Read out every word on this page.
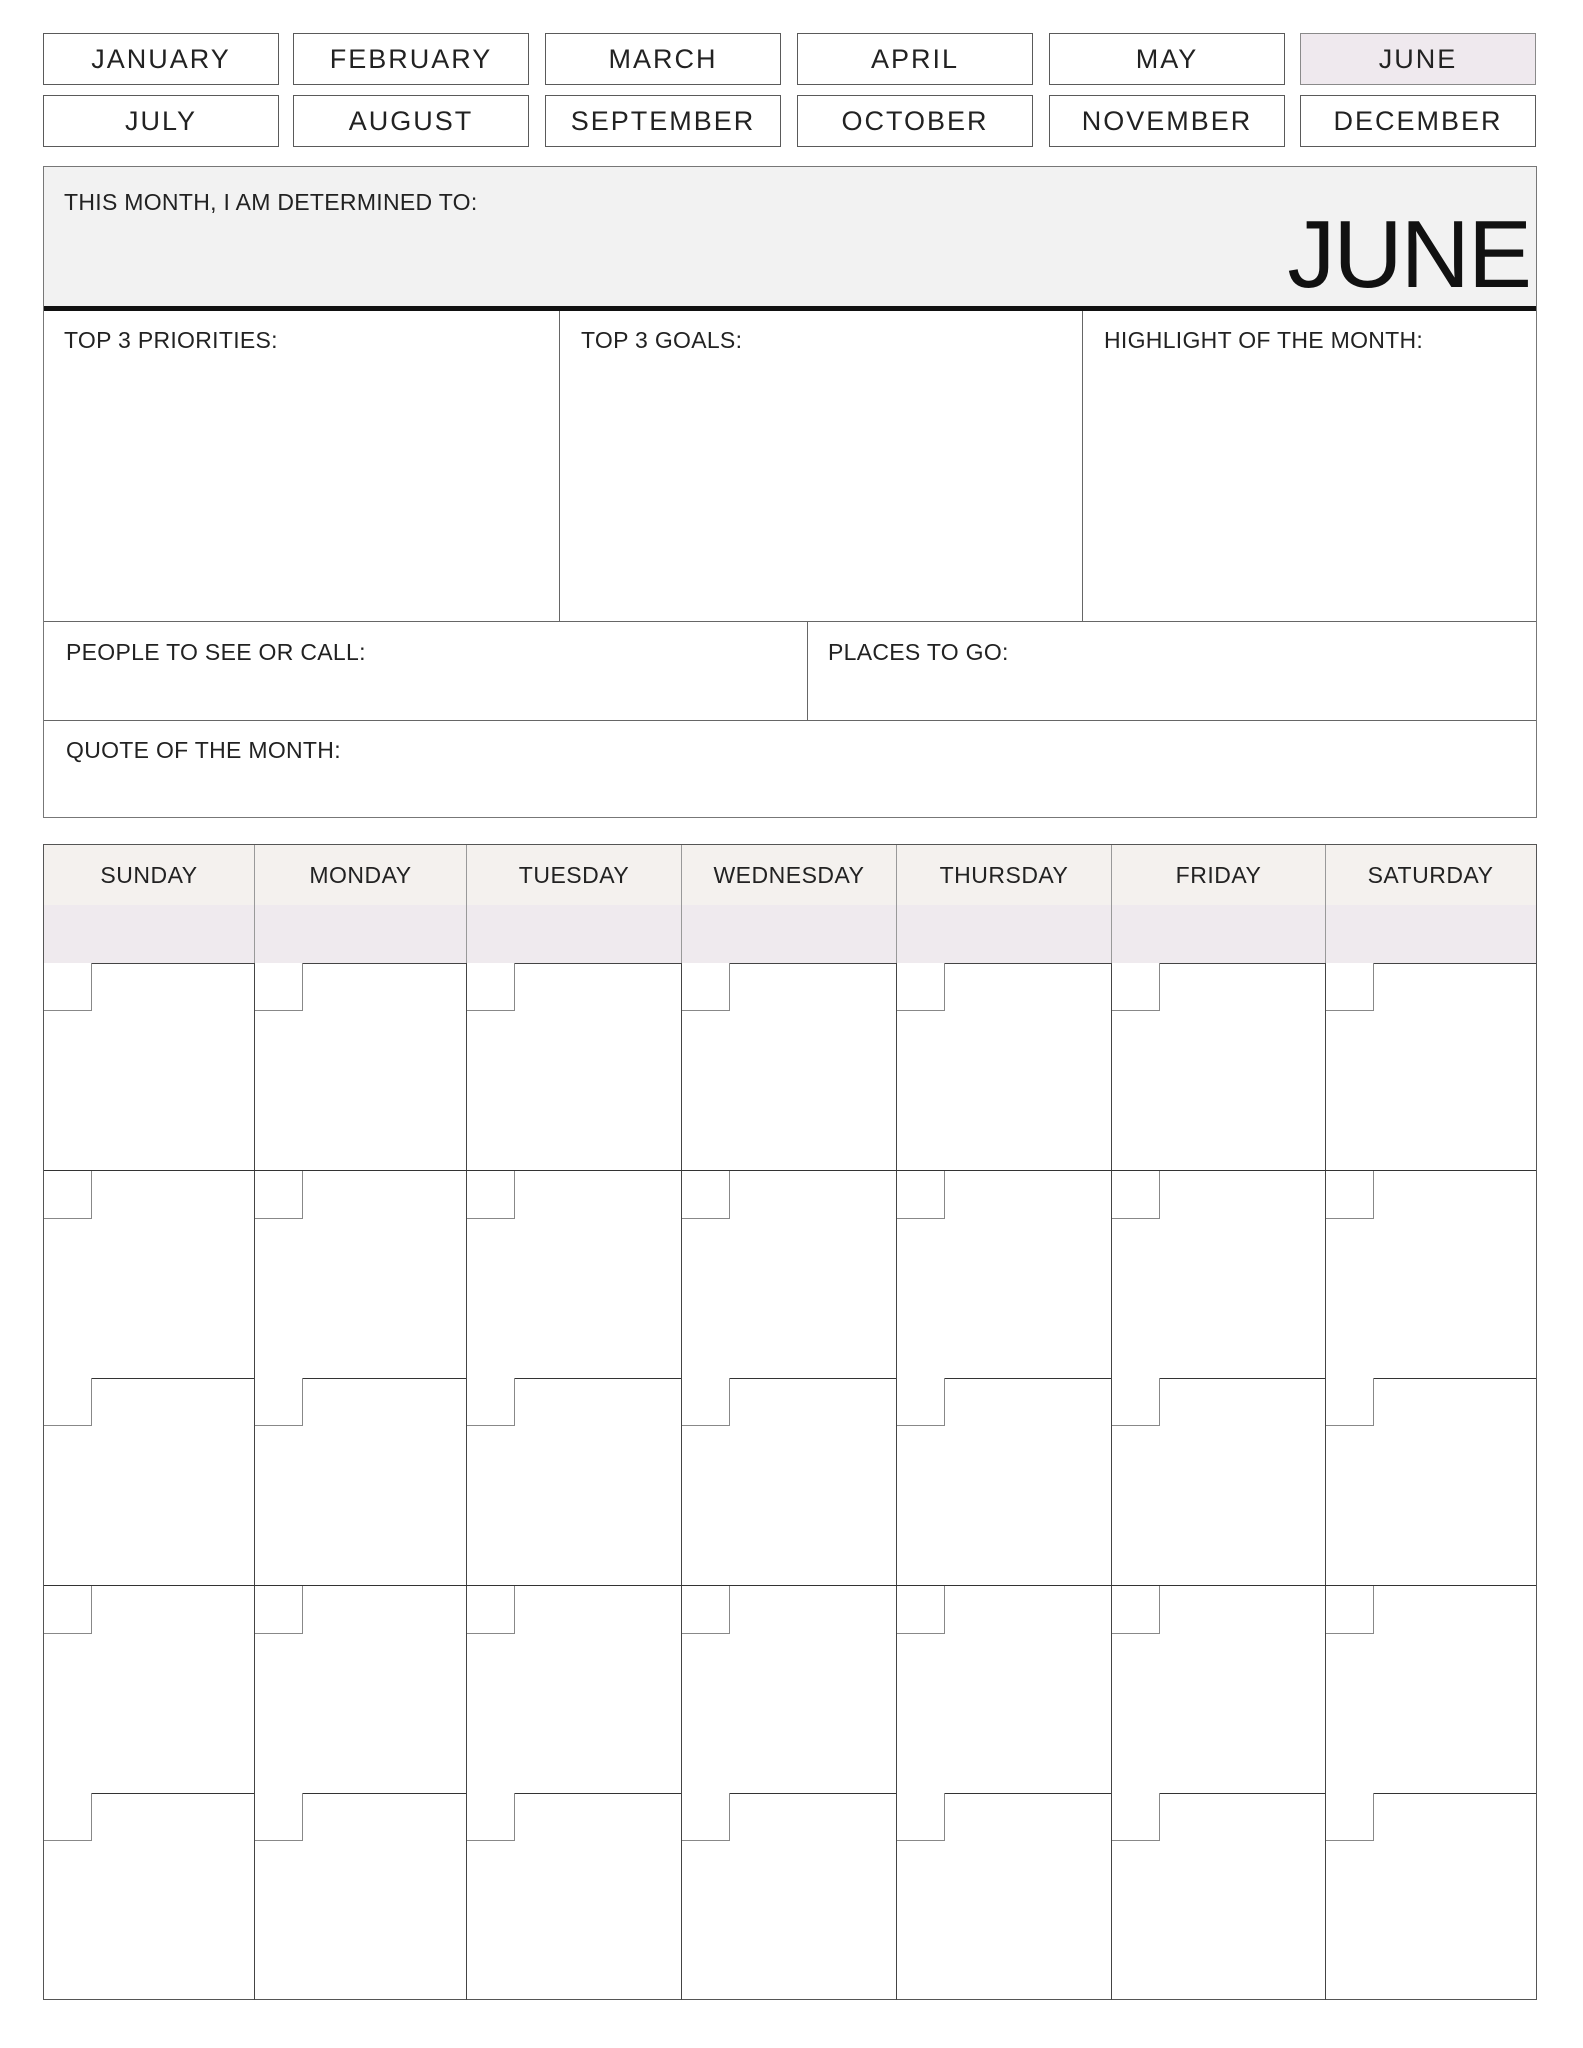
JANUARY	FEBRUARY	MARCH	APRIL	MAY	JUNE
JULY	AUGUST	SEPTEMBER	OCTOBER	NOVEMBER	DECEMBER
THIS MONTH, I AM DETERMINED TO:	JUNE
TOP 3 PRIORITIES:	TOP 3 GOALS:	HIGHLIGHT OF THE MONTH:
PEOPLE TO SEE OR CALL:	PLACES TO GO:
QUOTE OF THE MONTH:
SUNDAY	MONDAY	TUESDAY	WEDNESDAY	THURSDAY	FRIDAY	SATURDAY
